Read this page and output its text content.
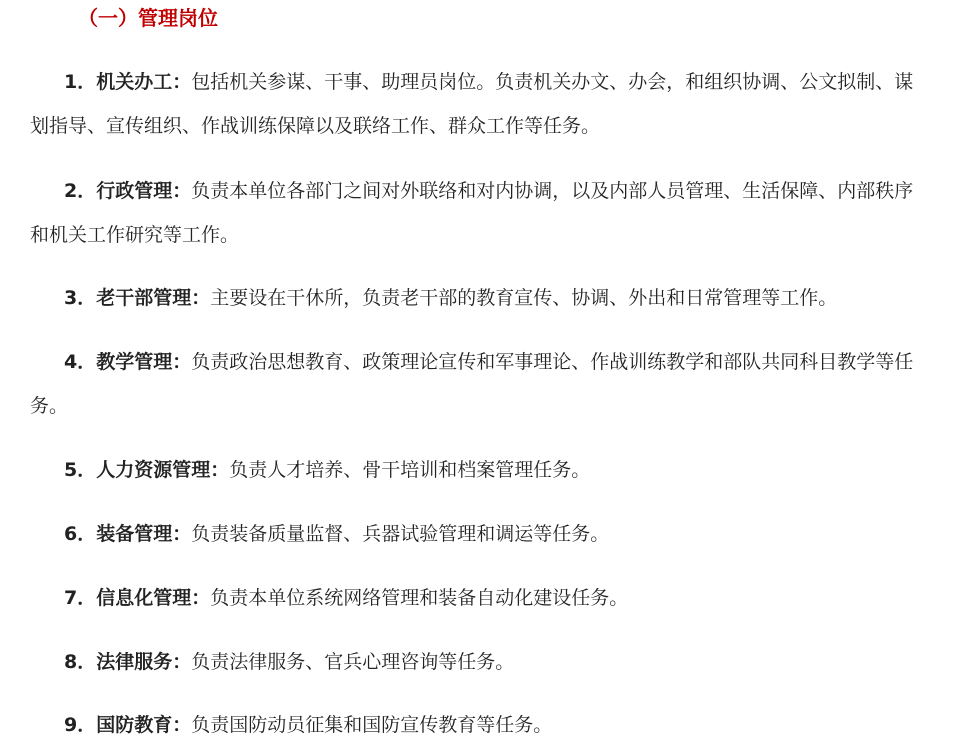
（一）管理岗位

1．机关办工：包括机关参谋、干事、助理员岗位。负责机关办文、办会，和组织协调、公文拟制、谋划指导、宣传组织、作战训练保障以及联络工作、群众工作等任务。

2．行政管理：负责本单位各部门之间对外联络和对内协调，以及内部人员管理、生活保障、内部秩序和机关工作研究等工作。

3．老干部管理：主要设在干休所，负责老干部的教育宣传、协调、外出和日常管理等工作。

4．教学管理：负责政治思想教育、政策理论宣传和军事理论、作战训练教学和部队共同科目教学等任务。

5．人力资源管理：负责人才培养、骨干培训和档案管理任务。

6．装备管理：负责装备质量监督、兵器试验管理和调运等任务。

7．信息化管理：负责本单位系统网络管理和装备自动化建设任务。

8．法律服务：负责法律服务、官兵心理咨询等任务。

9．国防教育：负责国防动员征集和国防宣传教育等任务。
